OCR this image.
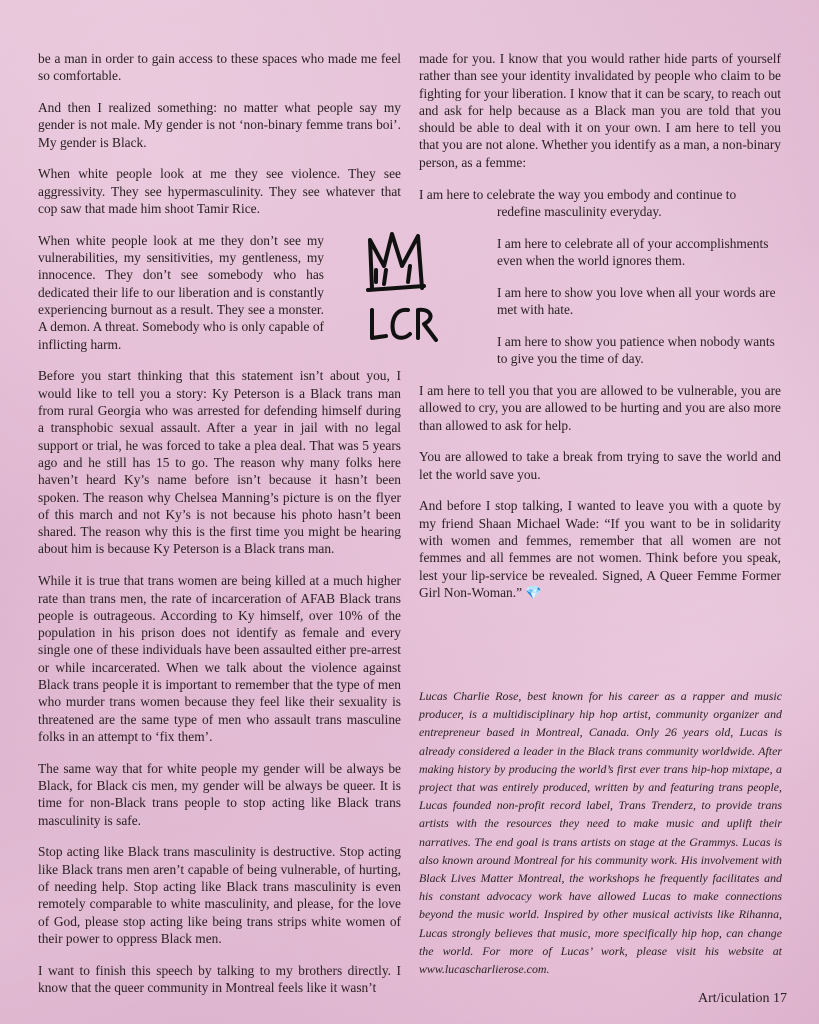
be a man in order to gain access to these spaces who made me feel so comfortable.

And then I realized something: no matter what people say my gender is not male. My gender is not ‘non-binary femme trans boi’. My gender is Black.

When white people look at me they see violence. They see aggressivity. They see hypermasculinity. They see whatever that cop saw that made him shoot Tamir Rice.

When white people look at me they don’t see my vulnerabilities, my sensitivities, my gentleness, my innocence. They don’t see somebody who has dedicated their life to our liberation and is constantly experiencing burnout as a result. They see a monster. A demon. A threat. Somebody who is only capable of inflicting harm.

Before you start thinking that this statement isn’t about you, I would like to tell you a story: Ky Peterson is a Black trans man from rural Georgia who was arrested for defending himself during a transphobic sexual assault. After a year in jail with no legal support or trial, he was forced to take a plea deal. That was 5 years ago and he still has 15 to go. The reason why many folks here haven’t heard Ky’s name before isn’t because it hasn’t been spoken. The reason why Chelsea Manning’s picture is on the flyer of this march and not Ky’s is not because his photo hasn’t been shared. The reason why this is the first time you might be hearing about him is because Ky Peterson is a Black trans man.

While it is true that trans women are being killed at a much higher rate than trans men, the rate of incarceration of AFAB Black trans people is outrageous. According to Ky himself, over 10% of the population in his prison does not identify as female and every single one of these individuals have been assaulted either pre-arrest or while incarcerated. When we talk about the violence against Black trans people it is important to remember that the type of men who murder trans women because they feel like their sexuality is threatened are the same type of men who assault trans masculine folks in an attempt to ‘fix them’.

The same way that for white people my gender will be always be Black, for Black cis men, my gender will be always be queer. It is time for non-Black trans people to stop acting like Black trans masculinity is safe.

Stop acting like Black trans masculinity is destructive. Stop acting like Black trans men aren’t capable of being vulnerable, of hurting, of needing help. Stop acting like Black trans masculinity is even remotely comparable to white masculinity, and please, for the love of God, please stop acting like being trans strips white women of their power to oppress Black men.

I want to finish this speech by talking to my brothers directly. I know that the queer community in Montreal feels like it wasn’t

made for you. I know that you would rather hide parts of yourself rather than see your identity invalidated by people who claim to be fighting for your liberation. I know that it can be scary, to reach out and ask for help because as a Black man you are told that you should be able to deal with it on your own. I am here to tell you that you are not alone. Whether you identify as a man, a non-binary person, as a femme:

I am here to celebrate the way you embody and continue to redefine masculinity everyday.

I am here to celebrate all of your accomplishments even when the world ignores them.

I am here to show you love when all your words are met with hate.

I am here to show you patience when nobody wants to give you the time of day.

I am here to tell you that you are allowed to be vulnerable, you are allowed to cry, you are allowed to be hurting and you are also more than allowed to ask for help.

You are allowed to take a break from trying to save the world and let the world save you.

And before I stop talking, I wanted to leave you with a quote by my friend Shaan Michael Wade: “If you want to be in solidarity with women and femmes, remember that all women are not femmes and all femmes are not women. Think before you speak, lest your lip-service be revealed. Signed, A Queer Femme Former Girl Non-Woman.” 💎

Lucas Charlie Rose, best known for his career as a rapper and music producer, is a multidisciplinary hip hop artist, community organizer and entrepreneur based in Montreal, Canada. Only 26 years old, Lucas is already considered a leader in the Black trans community worldwide. After making history by producing the world’s first ever trans hip-hop mixtape, a project that was entirely produced, written by and featuring trans people, Lucas founded non-profit record label, Trans Trenderz, to provide trans artists with the resources they need to make music and uplift their narratives. The end goal is trans artists on stage at the Grammys. Lucas is also known around Montreal for his community work. His involvement with Black Lives Matter Montreal, the workshops he frequently facilitates and his constant advocacy work have allowed Lucas to make connections beyond the music world. Inspired by other musical activists like Rihanna, Lucas strongly believes that music, more specifically hip hop, can change the world. For more of Lucas’ work, please visit his website at www.lucascharlierose.com.
Art/iculation 17
